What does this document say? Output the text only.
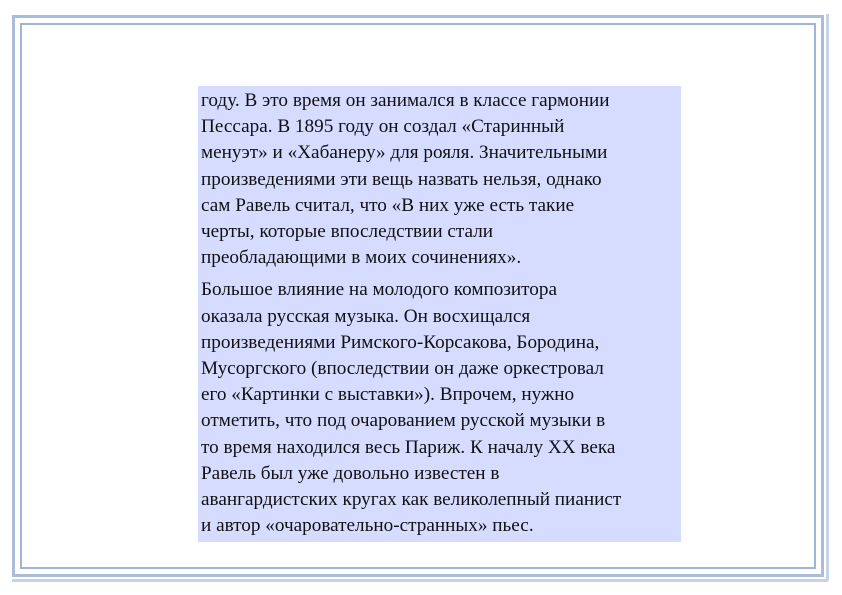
году. В это время он занимался в классе гармонии
Пессара. В 1895 году он создал «Старинный
менуэт» и «Хабанеру» для рояля. Значительными
произведениями эти вещь назвать нельзя, однако
сам Равель считал, что «В них уже есть такие
черты, которые впоследствии стали
преобладающими в моих сочинениях».

Большое влияние на молодого композитора
оказала русская музыка. Он восхищался
произведениями Римского-Корсакова, Бородина,
Мусоргского (впоследствии он даже оркестровал
его «Картинки с выставки»). Впрочем, нужно
отметить, что под очарованием русской музыки в
то время находился весь Париж. К началу XX века
Равель был уже довольно известен в
авангардистских кругах как великолепный пианист
и автор «очаровательно-странных» пьес.
